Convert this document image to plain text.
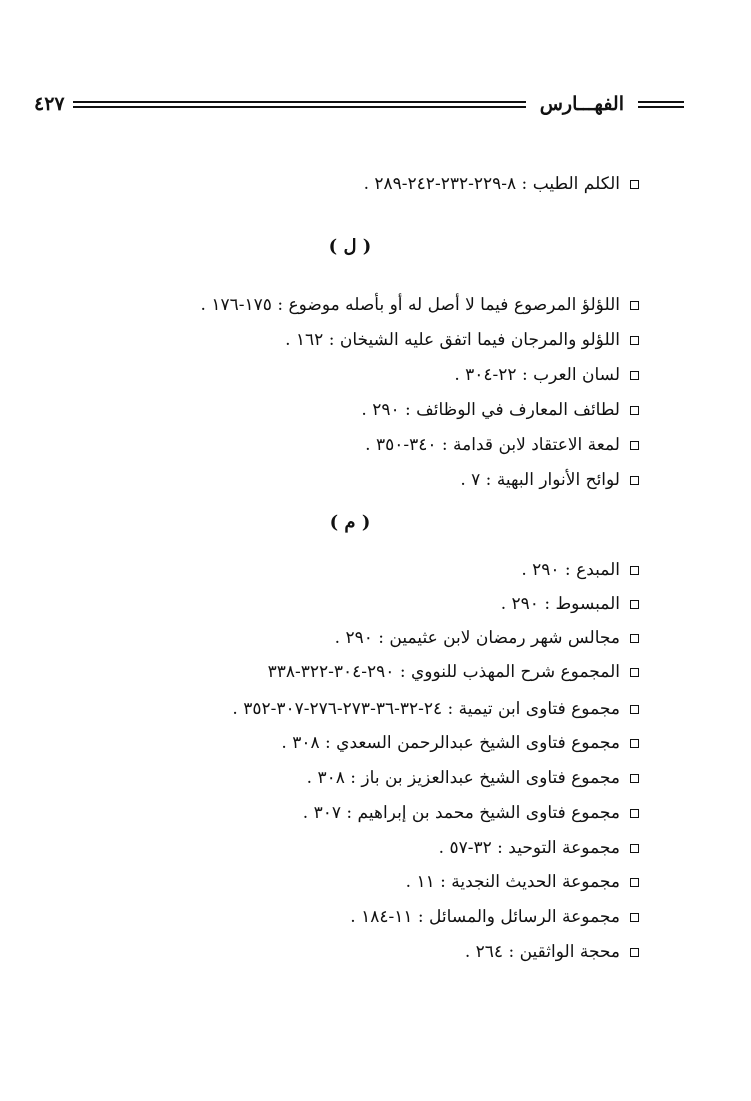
الفهـــارس
٤٢٧
( ل )
( م )
الكلم الطيب : ٨-٢٢٩-٢٣٢-٢٤٢-٢٨٩ .
اللؤلؤ المرصوع فيما لا أصل له أو بأصله موضوع : ١٧٥-١٧٦ .
اللؤلو والمرجان فيما اتفق عليه الشيخان : ١٦٢ .
لسان العرب : ٢٢-٣٠٤ .
لطائف المعارف في الوظائف : ٢٩٠ .
لمعة الاعتقاد لابن قدامة : ٣٤٠-٣٥٠ .
لوائح الأنوار البهية : ٧ .
المبدع : ٢٩٠ .
المبسوط : ٢٩٠ .
مجالس شهر رمضان لابن عثيمين : ٢٩٠ .
المجموع شرح المهذب للنووي : ٢٩٠-٣٠٤-٣٢٢-٣٣٨
مجموع فتاوى ابن تيمية : ٢٤-٣٢-٣٦-٢٧٣-٢٧٦-٣٠٧-٣٥٢ .
مجموع فتاوى الشيخ عبدالرحمن السعدي : ٣٠٨ .
مجموع فتاوى الشيخ عبدالعزيز بن باز : ٣٠٨ .
مجموع فتاوى الشيخ محمد بن إبراهيم : ٣٠٧ .
مجموعة التوحيد : ٣٢-٥٧ .
مجموعة الحديث النجدية : ١١ .
مجموعة الرسائل والمسائل : ١١-١٨٤ .
محجة الواثقين : ٢٦٤ .
